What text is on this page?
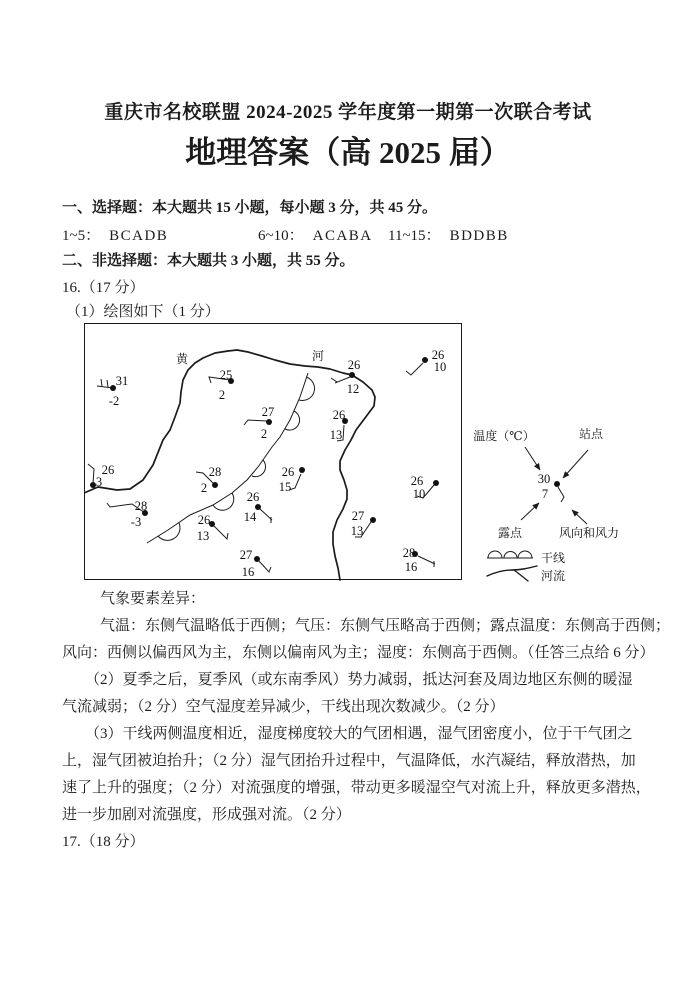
重庆市名校联盟 2024-2025 学年度第一期第一次联合考试
地理答案（高 2025 届）
一、选择题：本大题共 15 小题，每小题 3 分，共 45 分。
1~5： BCADB	6~10： ACABA 11~15： BDDBB
二、非选择题：本大题共 3 小题，共 55 分。
16.（17 分）
（1）绘图如下（1 分）
黄	河
31
-2
25
2
27
2
26
12
26
10
26
3
28
2
26
13
28
-3
26
15
26
14
26
13
27
16
26
10
27
13
28
16
温度（℃）	站点
露点	风向和风力
干线
河流
30
7
气象要素差异：
气温：东侧气温略低于西侧；气压：东侧气压略高于西侧；露点温度：东侧高于西侧；
风向：西侧以偏西风为主，东侧以偏南风为主；湿度：东侧高于西侧。（任答三点给 6 分）
（2）夏季之后，夏季风（或东南季风）势力减弱，抵达河套及周边地区东侧的暖湿
气流减弱；（2 分）空气湿度差异减少，干线出现次数减少。（2 分）
（3）干线两侧温度相近，湿度梯度较大的气团相遇，湿气团密度小，位于干气团之
上，湿气团被迫抬升；（2 分）湿气团抬升过程中，气温降低，水汽凝结，释放潜热，加
速了上升的强度；（2 分）对流强度的增强，带动更多暖湿空气对流上升，释放更多潜热，
进一步加剧对流强度，形成强对流。（2 分）
17.（18 分）
